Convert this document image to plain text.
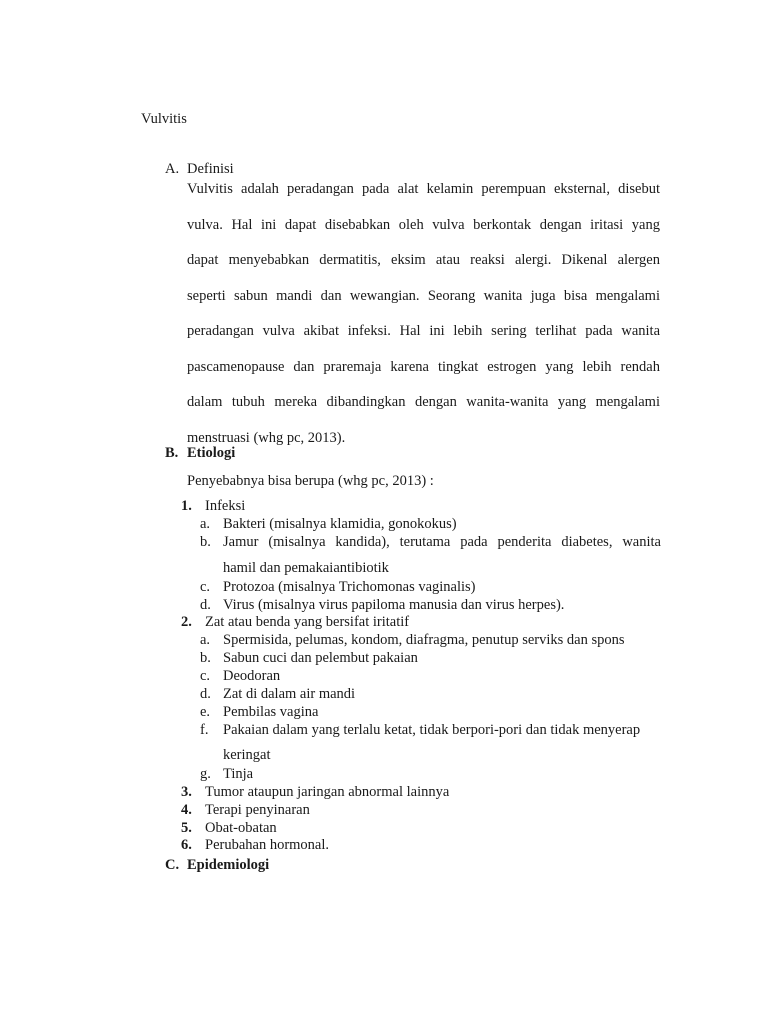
Vulvitis
A. Definisi
Vulvitis adalah peradangan pada alat kelamin perempuan eksternal, disebut
vulva. Hal ini dapat disebabkan oleh vulva berkontak dengan iritasi yang
dapat menyebabkan dermatitis, eksim atau reaksi alergi. Dikenal alergen
seperti sabun mandi dan wewangian. Seorang wanita juga bisa mengalami
peradangan vulva akibat infeksi. Hal ini lebih sering terlihat pada wanita
pascamenopause dan praremaja karena tingkat estrogen yang lebih rendah
dalam tubuh mereka dibandingkan dengan wanita-wanita yang mengalami
menstruasi (whg pc, 2013).
B. Etiologi
Penyebabnya bisa berupa (whg pc, 2013) :
1. Infeksi
a. Bakteri (misalnya klamidia, gonokokus)
b. Jamur (misalnya kandida), terutama pada penderita diabetes, wanita
hamil dan pemakaiantibiotik
c. Protozoa (misalnya Trichomonas vaginalis)
d. Virus (misalnya virus papiloma manusia dan virus herpes).
2. Zat atau benda yang bersifat iritatif
a. Spermisida, pelumas, kondom, diafragma, penutup serviks dan spons
b. Sabun cuci dan pelembut pakaian
c. Deodoran
d. Zat di dalam air mandi
e. Pembilas vagina
f. Pakaian dalam yang terlalu ketat, tidak berpori-pori dan tidak menyerap
keringat
g. Tinja
3. Tumor ataupun jaringan abnormal lainnya
4. Terapi penyinaran
5. Obat-obatan
6. Perubahan hormonal.
C. Epidemiologi
